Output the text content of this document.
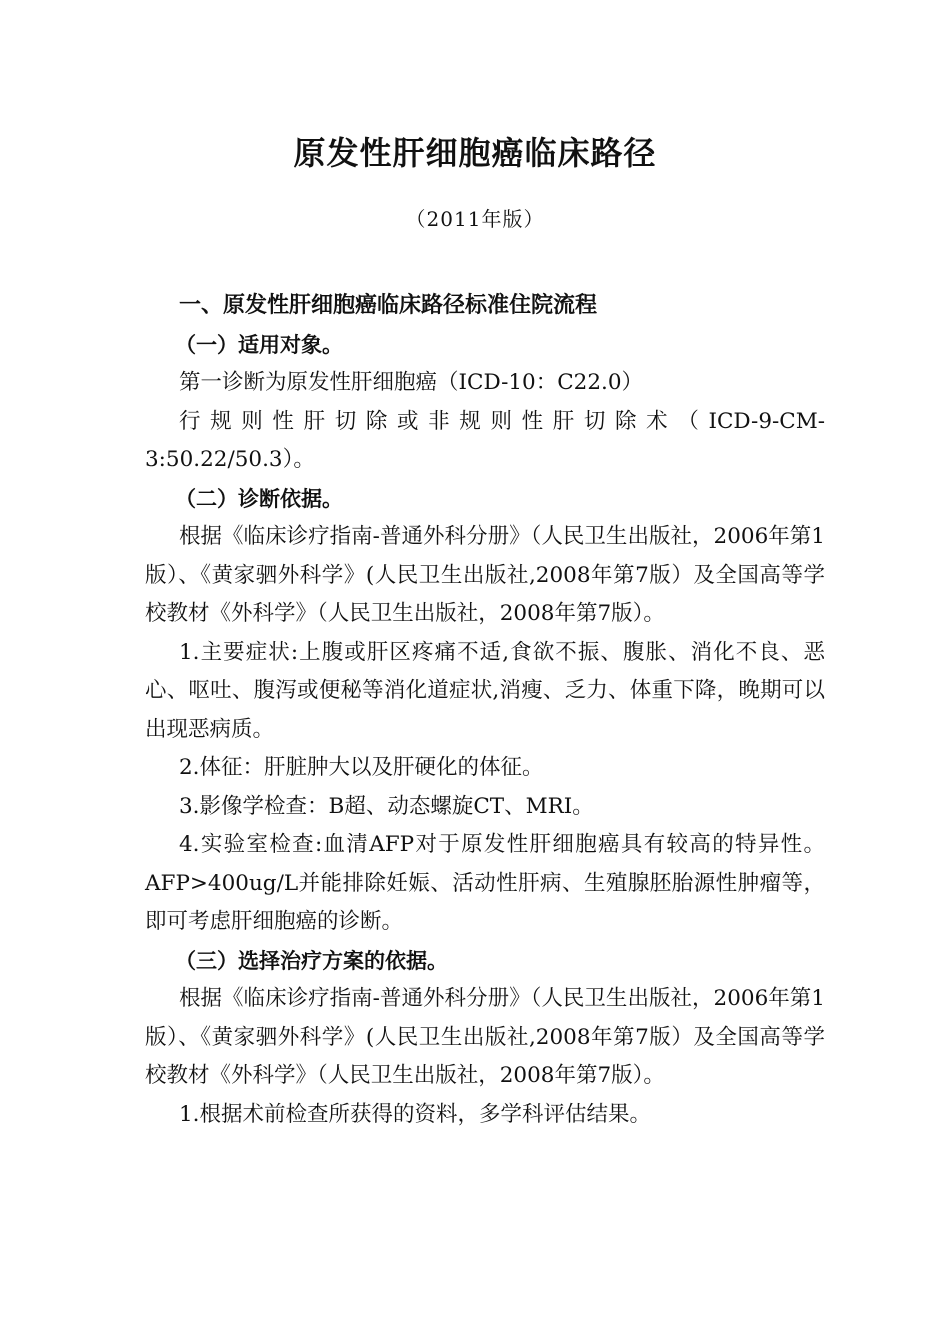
原发性肝细胞癌临床路径
（2011年版）

一、原发性肝细胞癌临床路径标准住院流程

（一）适用对象。

第一诊断为原发性肝细胞癌（ICD-10：C22.0）

行规则性肝切除或非规则性肝切除术（ICD-9-CM-3:50.22/50.3）。

（二）诊断依据。

根据《临床诊疗指南-普通外科分册》（人民卫生出版社，2006年第1版）、《黄家驷外科学》(人民卫生出版社,2008年第7版）及全国高等学校教材《外科学》（人民卫生出版社，2008年第7版）。

1.主要症状:上腹或肝区疼痛不适,食欲不振、腹胀、消化不良、恶心、呕吐、腹泻或便秘等消化道症状,消瘦、乏力、体重下降，晚期可以出现恶病质。

2.体征：肝脏肿大以及肝硬化的体征。

3.影像学检查：B超、动态螺旋CT、MRI。

4.实验室检查:血清AFP对于原发性肝细胞癌具有较高的特异性。AFP>400ug/L并能排除妊娠、活动性肝病、生殖腺胚胎源性肿瘤等，即可考虑肝细胞癌的诊断。

（三）选择治疗方案的依据。

根据《临床诊疗指南-普通外科分册》（人民卫生出版社，2006年第1版）、《黄家驷外科学》(人民卫生出版社,2008年第7版）及全国高等学校教材《外科学》（人民卫生出版社，2008年第7版）。

1.根据术前检查所获得的资料，多学科评估结果。
